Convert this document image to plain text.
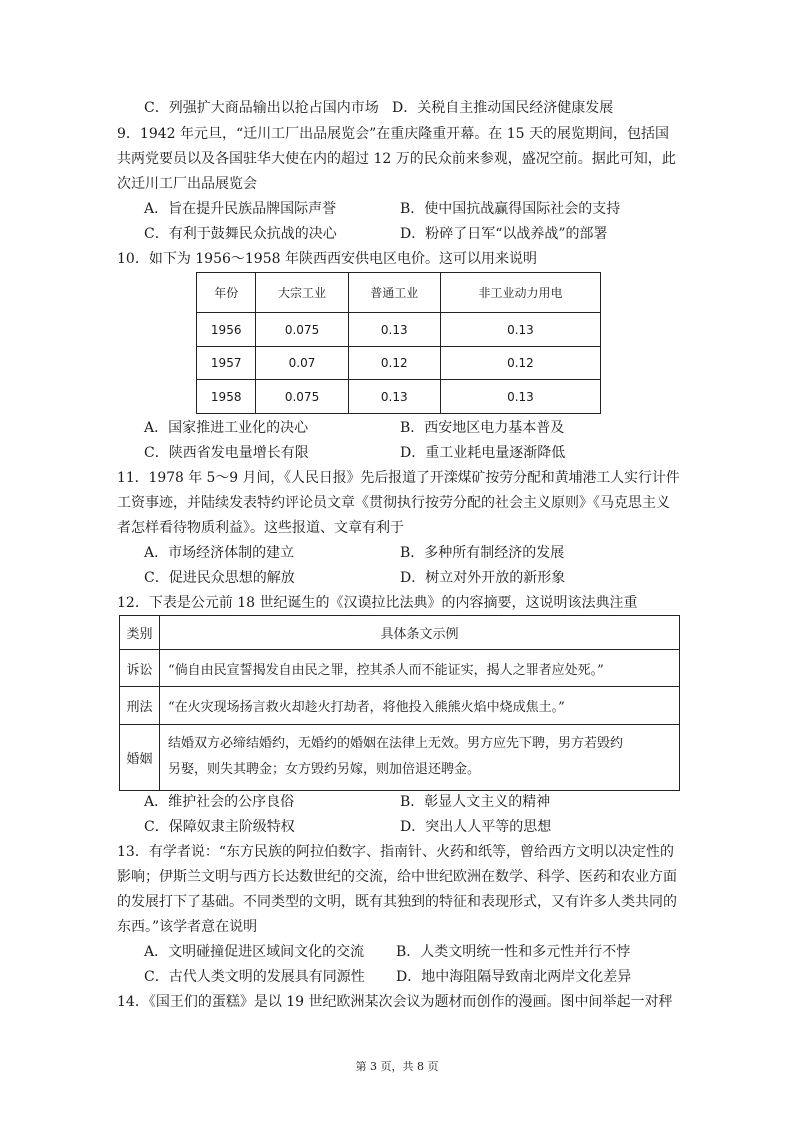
C．列强扩大商品输出以抢占国内市场 D．关税自主推动国民经济健康发展
9．1942 年元旦，“迁川工厂出品展览会”在重庆隆重开幕。在 15 天的展览期间，包括国
共两党要员以及各国驻华大使在内的超过 12 万的民众前来参观，盛况空前。据此可知，此
次迁川工厂出品展览会
A．旨在提升民族品牌国际声誉	B．使中国抗战赢得国际社会的支持
C．有利于鼓舞民众抗战的决心	D．粉碎了日军“以战养战”的部署
10．如下为 1956～1958 年陕西西安供电区电价。这可以用来说明
年份	大宗工业	普通工业	非工业动力用电
1956	0.075	0.13	0.13
1957	0.07	0.12	0.12
1958	0.075	0.13	0.13
A．国家推进工业化的决心	B．西安地区电力基本普及
C．陕西省发电量增长有限	D．重工业耗电量逐渐降低
11．1978 年 5～9 月间，《人民日报》先后报道了开滦煤矿按劳分配和黄埔港工人实行计件
工资事迹，并陆续发表特约评论员文章《贯彻执行按劳分配的社会主义原则》《马克思主义
者怎样看待物质利益》。这些报道、文章有利于
A．市场经济体制的建立	B．多种所有制经济的发展
C．促进民众思想的解放	D．树立对外开放的新形象
12．下表是公元前 18 世纪诞生的《汉谟拉比法典》的内容摘要，这说明该法典注重
类别	具体条文示例
诉讼	“倘自由民宣誓揭发自由民之罪，控其杀人而不能证实，揭人之罪者应处死。”
刑法	“在火灾现场扬言救火却趁火打劫者，将他投入熊熊火焰中烧成焦土。”
婚姻	结婚双方必缔结婚约，无婚约的婚姻在法律上无效。男方应先下聘，男方若毁约
另娶，则失其聘金；女方毁约另嫁，则加倍退还聘金。
A．维护社会的公序良俗	B．彰显人文主义的精神
C．保障奴隶主阶级特权	D．突出人人平等的思想
13．有学者说：“东方民族的阿拉伯数字、指南针、火药和纸等，曾给西方文明以决定性的
影响；伊斯兰文明与西方长达数世纪的交流，给中世纪欧洲在数学、科学、医药和农业方面
的发展打下了基础。不同类型的文明，既有其独到的特征和表现形式，又有许多人类共同的
东西。”该学者意在说明
A．文明碰撞促进区域间文化的交流 B．人类文明统一性和多元性并行不悖
C．古代人类文明的发展具有同源性 D．地中海阻隔导致南北两岸文化差异
14．《国王们的蛋糕》是以 19 世纪欧洲某次会议为题材而创作的漫画。图中间举起一对秤
第 3 页，共 8 页
